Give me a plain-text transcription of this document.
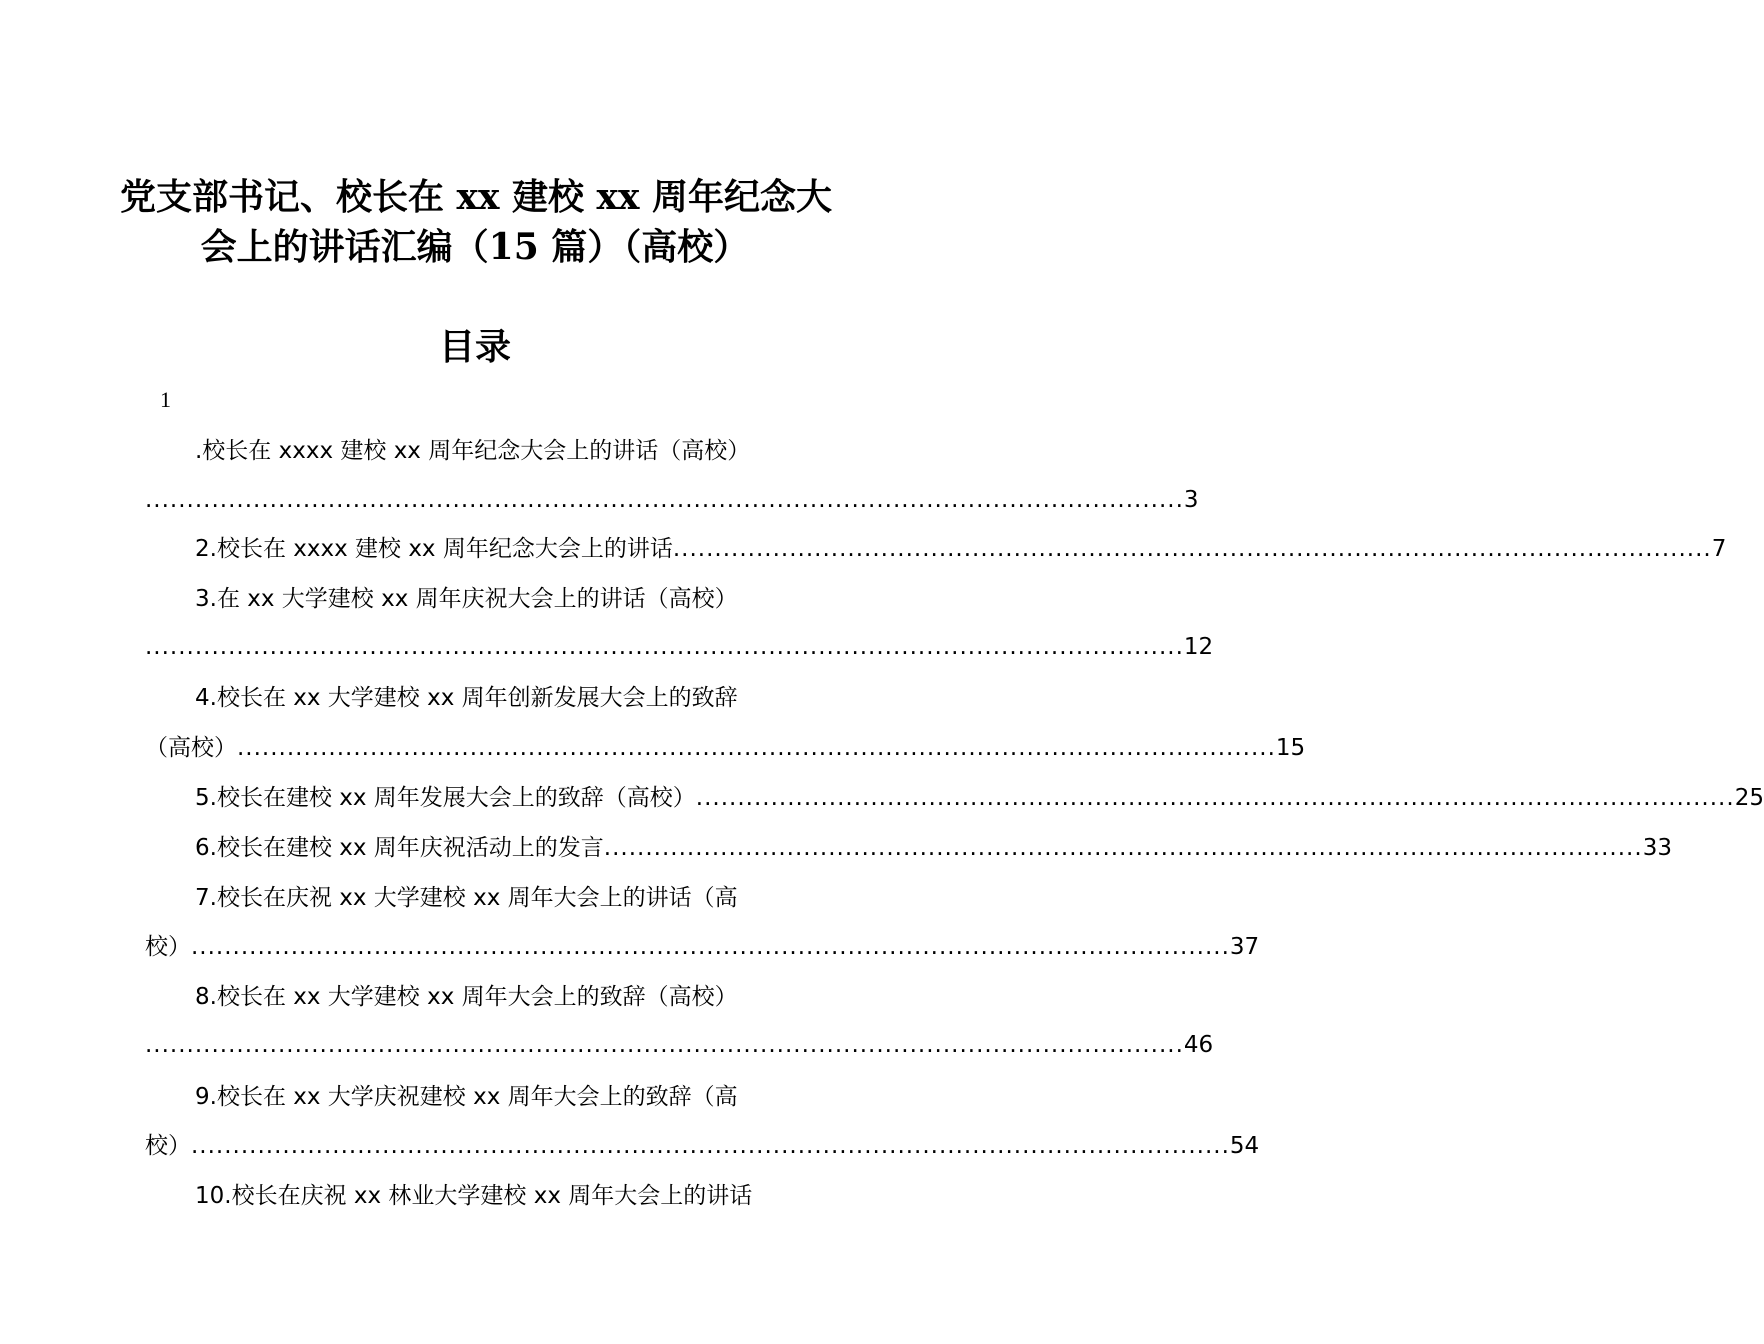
党支部书记、校长在 xx 建校 xx 周年纪念大
会上的讲话汇编（15 篇）（高校）
目录
1
.校长在 xxxx 建校 xx 周年纪念大会上的讲话（高校）
............................................................................................................................. 3
2.校长在 xxxx 建校 xx 周年纪念大会上的讲话 ............................................................................................................................. 7
3.在 xx 大学建校 xx 周年庆祝大会上的讲话（高校）
............................................................................................................................. 12
4.校长在 xx 大学建校 xx 周年创新发展大会上的致辞
（高校） ............................................................................................................................. 15
5.校长在建校 xx 周年发展大会上的致辞（高校） ............................................................................................................................. 25
6.校长在建校 xx 周年庆祝活动上的发言 ............................................................................................................................. 33
7.校长在庆祝 xx 大学建校 xx 周年大会上的讲话（高
校） ............................................................................................................................. 37
8.校长在 xx 大学建校 xx 周年大会上的致辞（高校）
............................................................................................................................. 46
9.校长在 xx 大学庆祝建校 xx 周年大会上的致辞（高
校） ............................................................................................................................. 54
10.校长在庆祝 xx 林业大学建校 xx 周年大会上的讲话
